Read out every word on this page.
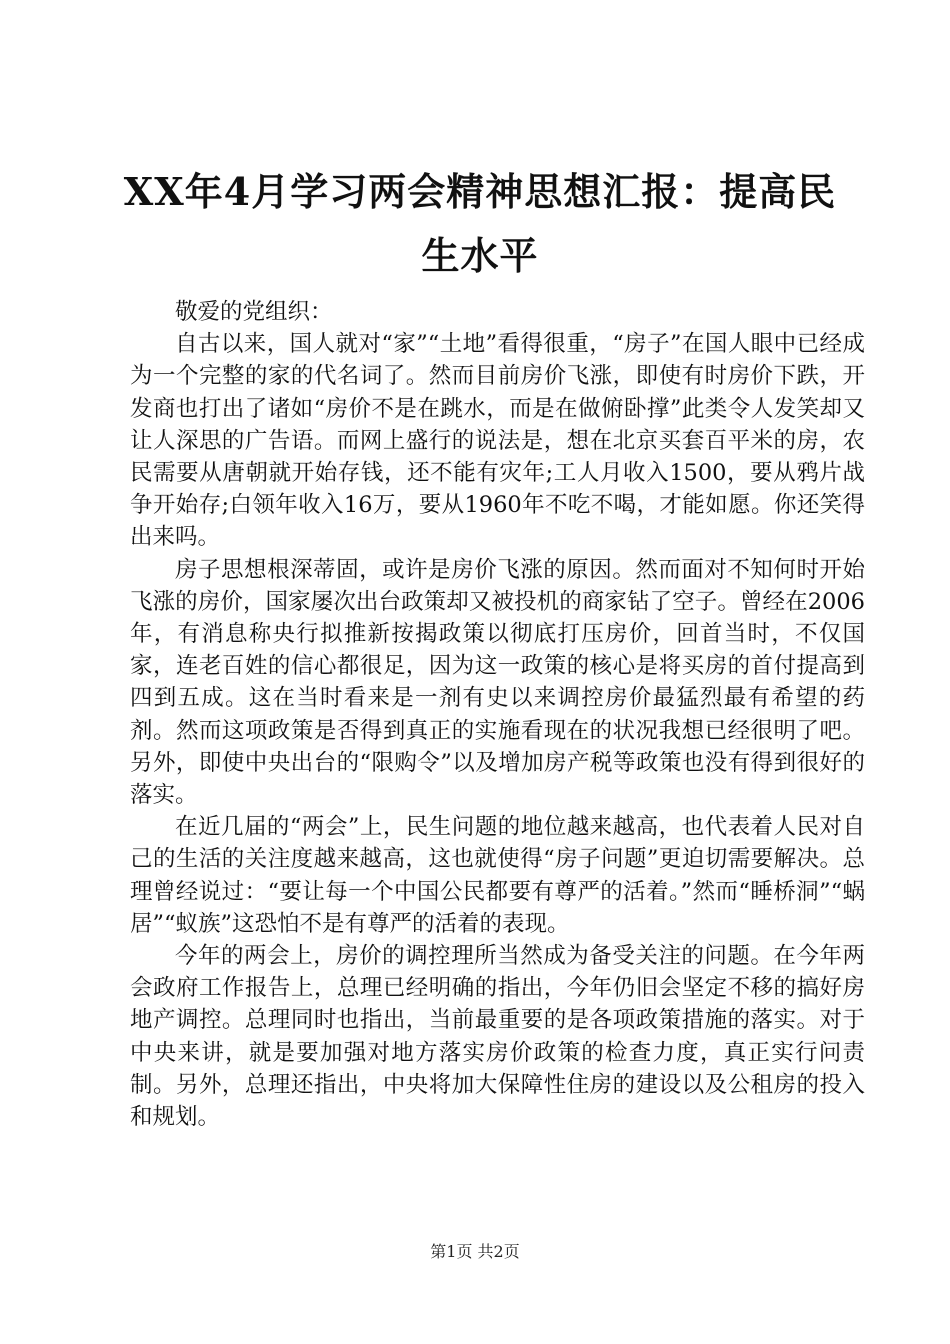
XX年4月学习两会精神思想汇报：提高民生水平

敬爱的党组织：

自古以来，国人就对“家”“土地”看得很重，“房子”在国人眼中已经成为一个完整的家的代名词了。然而目前房价飞涨，即使有时房价下跌，开发商也打出了诸如“房价不是在跳水，而是在做俯卧撑”此类令人发笑却又让人深思的广告语。而网上盛行的说法是，想在北京买套百平米的房，农民需要从唐朝就开始存钱，还不能有灾年;工人月收入1500，要从鸦片战争开始存;白领年收入16万，要从1960年不吃不喝，才能如愿。你还笑得出来吗。

房子思想根深蒂固，或许是房价飞涨的原因。然而面对不知何时开始飞涨的房价，国家屡次出台政策却又被投机的商家钻了空子。曾经在2006年，有消息称央行拟推新按揭政策以彻底打压房价，回首当时，不仅国家，连老百姓的信心都很足，因为这一政策的核心是将买房的首付提高到四到五成。这在当时看来是一剂有史以来调控房价最猛烈最有希望的药剂。然而这项政策是否得到真正的实施看现在的状况我想已经很明了吧。另外，即使中央出台的“限购令”以及增加房产税等政策也没有得到很好的落实。

在近几届的“两会”上，民生问题的地位越来越高，也代表着人民对自己的生活的关注度越来越高，这也就使得“房子问题”更迫切需要解决。总理曾经说过：“要让每一个中国公民都要有尊严的活着。”然而“睡桥洞”“蜗居”“蚁族”这恐怕不是有尊严的活着的表现。

今年的两会上，房价的调控理所当然成为备受关注的问题。在今年两会政府工作报告上，总理已经明确的指出，今年仍旧会坚定不移的搞好房地产调控。总理同时也指出，当前最重要的是各项政策措施的落实。对于中央来讲，就是要加强对地方落实房价政策的检查力度，真正实行问责制。另外，总理还指出，中央将加大保障性住房的建设以及公租房的投入和规划。

第1页 共2页
